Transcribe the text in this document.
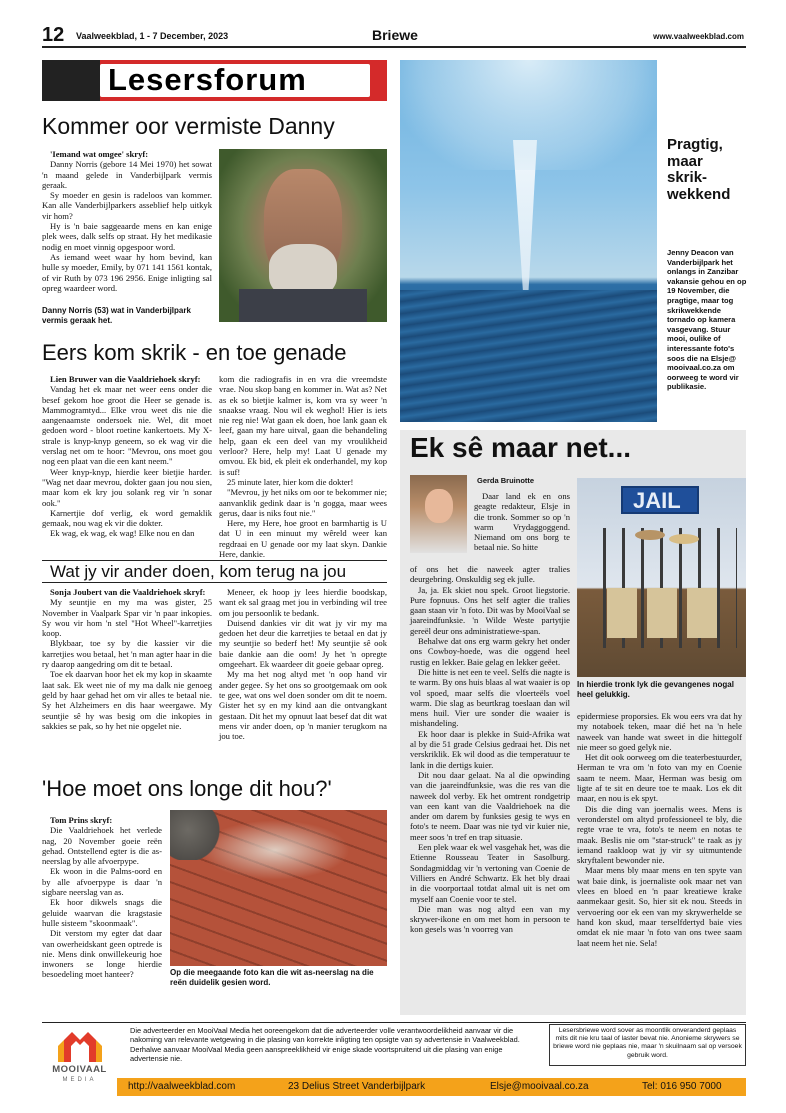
12 Vaalweekblad, 1 - 7 December, 2023	Briewe	www.vaalweekblad.com
Lesersforum
Kommer oor vermiste Danny
'Iemand wat omgee' skryf:

Danny Norris (gebore 14 Mei 1970) het sowat 'n maand gelede in Vanderbijlpark vermis geraak.

Sy moeder en gesin is radeloos van kommer. Kan alle Vanderbijlparkers asseblief help uitkyk vir hom?

Hy is 'n baie saggeaarde mens en kan enige plek wees, dalk selfs op straat. Hy het medikasie nodig en moet vinnig opgespoor word.

As iemand weet waar hy hom bevind, kan hulle sy moeder, Emily, by 071 141 1561 kontak, of vir Ruth by 073 196 2956. Enige inligting sal opreg waardeer word.

Danny Norris (53) wat in Vanderbijlpark vermis geraak het.
Pragtig, maar skrik-wekkend
Jenny Deacon van Vanderbijlpark het onlangs in Zanzibar vakansie gehou en op 19 November, die pragtige, maar tog skrikwekkende tornado op kamera vasgevang. Stuur mooi, oulike of interessante foto's soos die na Elsje@ mooivaal.co.za om oorweeg te word vir publikasie.
Eers kom skrik - en toe genade
Lien Bruwer van die Vaaldriehoek skryf:

Vandag het ek maar net weer eens onder die besef gekom hoe groot die Heer se genade is. Mammogramtyd... Elke vrou weet dis nie die aangenaamste ondersoek nie. Wel, dit moet gedoen word - bloot roetine kankertoets. My X-strale is knyp-knyp geneem, so ek wag vir die verslag net om te hoor: "Mevrou, ons moet gou nog een plaat van die een kant neem."

Weer knyp-knyp, hierdie keer bietjie harder. "Wag net daar mevrou, dokter gaan jou nou sien, maar kom ek kry jou solank reg vir 'n sonar ook."

Karnertjie dof verlig, ek word gemaklik gemaak, nou wag ek vir die dokter.

Ek wag, ek wag, ek wag! Elke nou en dan

kom die radiografis in en vra die vreemdste vrae. Nou skop bang en kommer in. Wat as? Net as ek so bietjie kalmer is, kom vra sy weer 'n snaakse vraag. Nou wil ek weghol! Hier is iets nie reg nie! Wat gaan ek doen, hoe lank gaan ek leef, gaan my hare uitval, gaan die behandeling help, gaan ek een deel van my vroulikheid verloor? Here, help my! Laat U genade my omvou. Ek bid, ek pleit ek onderhandel, my kop is suf!

25 minute later, hier kom die dokter!

"Mevrou, jy het niks om oor te bekommer nie; aanvanklik gedink daar is 'n gogga, maar wees gerus, daar is niks fout nie."

Here, my Here, hoe groot en barmhartig is U dat U in een minuut my wêreld weer kan regdraai en U genade oor my laat skyn. Dankie Here, dankie.

Wat jy vir ander doen, kom terug na jou
Sonja Joubert van die Vaaldriehoek skryf:

My seuntjie en my ma was gister, 25 November in Vaalpark Spar vir 'n paar inkopies. Sy wou vir hom 'n stel "Hot Wheel"-karretjies koop.

Blykbaar, toe sy by die kassier vir die karretjies wou betaal, het 'n man agter haar in die ry daarop aangedring om dit te betaal.

Toe ek daarvan hoor het ek my kop in skaamte laat sak. Ek weet nie of my ma dalk nie genoeg geld by haar gehad het om vir alles te betaal nie. Sy het Alzheimers en dis haar weergawe. My seuntjie sê hy was besig om die inkopies in sakkies se pak, so hy het nie opgelet nie.

Meneer, ek hoop jy lees hierdie boodskap, want ek sal graag met jou in verbinding wil tree om jou persoonlik te bedank.

Duisend dankies vir dit wat jy vir my ma gedoen het deur die karretjies te betaal en dat jy my seuntjie so bederf het! My seuntjie sê ook baie dankie aan die oom! Jy het 'n opregte omgeehart. Ek waardeer dit goeie gebaar opreg.

My ma het nog altyd met 'n oop hand vir ander gegee. Sy het ons so grootgemaak om ook te gee, wat ons wel doen sonder om dit te noem. Gister het sy en my kind aan die ontvangkant gestaan. Dit het my opnuut laat besef dat dit wat mens vir ander doen, op 'n manier terugkom na jou toe.

'Hoe moet ons longe dit hou?'
Tom Prins skryf:

Die Vaaldriehoek het verlede nag, 20 November goeie reën gehad. Ontstellend egter is die as-neerslag by alle afvoerpype.

Ek woon in die Palms-oord en by alle afvoerpype is daar 'n sigbare neerslag van as.

Ek hoor dikwels snags die geluide waarvan die kragstasie hulle sisteem "skoonmaak".

Dit verstom my egter dat daar van owerheidskant geen optrede is nie. Mens dink onwillekeurig hoe inwoners se longe hierdie besoedeling moet hanteer?	Op die meegaande foto kan die wit as-neerslag na die reën duidelik gesien word.
Ek sê maar net...
Gerda Bruinotte

Daar land ek en ons geagte redakteur, Elsje in die tronk. Sommer so op 'n warm Vrydaggoggend. Niemand om ons borg te betaal nie. So hitte

of ons het die naweek agter tralies deurgebring. Onskuldig seg ek julle.

Ja, ja. Ek skiet nou spek. Groot liegstorie. Pure fopnuus. Ons het self agter die tralies gaan staan vir 'n foto. Dit was by MooiVaal se jaareindfunksie. 'n Wilde Weste partytjie gereël deur ons administratiewe-span.

Behalwe dat ons erg warm gekry het onder ons Cowboy-hoede, was die oggend heel rustig en lekker. Baie gelag en lekker geëet.

Die hitte is net een te veel. Selfs die nagte is te warm. By ons huis blaas al wat waaier is op vol spoed, maar selfs die vloerteëls voel warm. Die slag as beurtkrag toeslaan dan wil mens huil. Vier ure sonder die waaier is mishandeling.

Ek hoor daar is plekke in Suid-Afrika wat al by die 51 grade Celsius gedraai het. Dis net verskriklik. Ek wil dood as die temperatuur te lank in die dertigs kuier.

Dit nou daar gelaat. Na al die opwinding van die jaareindfunksie, was die res van die naweek dol verby. Ek het omtrent rondgetrip van een kant van die Vaaldriehoek na die ander om darem by funksies gesig te wys en foto's te neem. Daar was nie tyd vir kuier nie, meer soos 'n tref en trap situasie.

Een plek waar ek wel vasgehak het, was die Etienne Rousseau Teater in Sasolburg. Sondagmiddag vir 'n vertoning van Coenie de Villiers en André Schwartz. Ek het bly draai in die voorportaal totdat almal uit is net om myself aan Coenie voor te stel.

Die man was nog altyd een van my skrywer-ikone en om met hom in persoon te kon gesels was 'n voorreg van

JAIL
In hierdie tronk lyk die gevangenes nogal heel gelukkig.

epidermiese proporsies. Ek wou eers vra dat hy my notaboek teken, maar dié het na 'n hele naweek van hande wat sweet in die hittegolf nie meer so goed gelyk nie.

Het dit ook oorweeg om die teaterbestuurder, Herman te vra om 'n foto van my en Coenie saam te neem. Maar, Herman was besig om ligte af te sit en deure toe te maak. Los ek dit maar, en nou is ek spyt.

Dis die ding van joernalis wees. Mens is veronderstel om altyd professioneel te bly, die regte vrae te vra, foto's te neem en notas te maak. Beslis nie om "star-struck" te raak as jy iemand raakloop wat jy vir sy uitmuntende skryftalent bewonder nie.

Maar mens bly maar mens en ten spyte van wat baie dink, is joernaliste ook maar net van vlees en bloed en 'n paar kreatiewe krake aanmekaar gesit. So, hier sit ek nou. Steeds in vervoering oor ek een van my skrywerhelde se hand kon skud, maar terselfdertyd baie vies omdat ek nie maar 'n foto van ons twee saam laat neem het nie. Sela!

MOOIVAAL
Die adverteerder en MooiVaal Media het ooreengekom dat die adverteerder volle verantwoordelikheid aanvaar vir die nakoming van relevante wetgewing in die plasing van korrekte inligting ten opsigte van sy advertensie in Vaalweekblad. Derhalwe aanvaar MooiVaal Media geen aanspreeklikheid vir enige skade voortspruitend uit die plasing van enige advertensie nie.
Lesersbriewe word sover as moontlik onveranderd geplaas mits dit nie kru taal of laster bevat nie. Anonieme skrywers se briewe word nie geplaas nie, maar 'n skuilnaam sal op versoek gebruik word.
MEDIA
http://vaalweekblad.com	23 Delius Street Vanderbijlpark	Elsje@mooivaal.co.za	Tel: 016 950 7000
